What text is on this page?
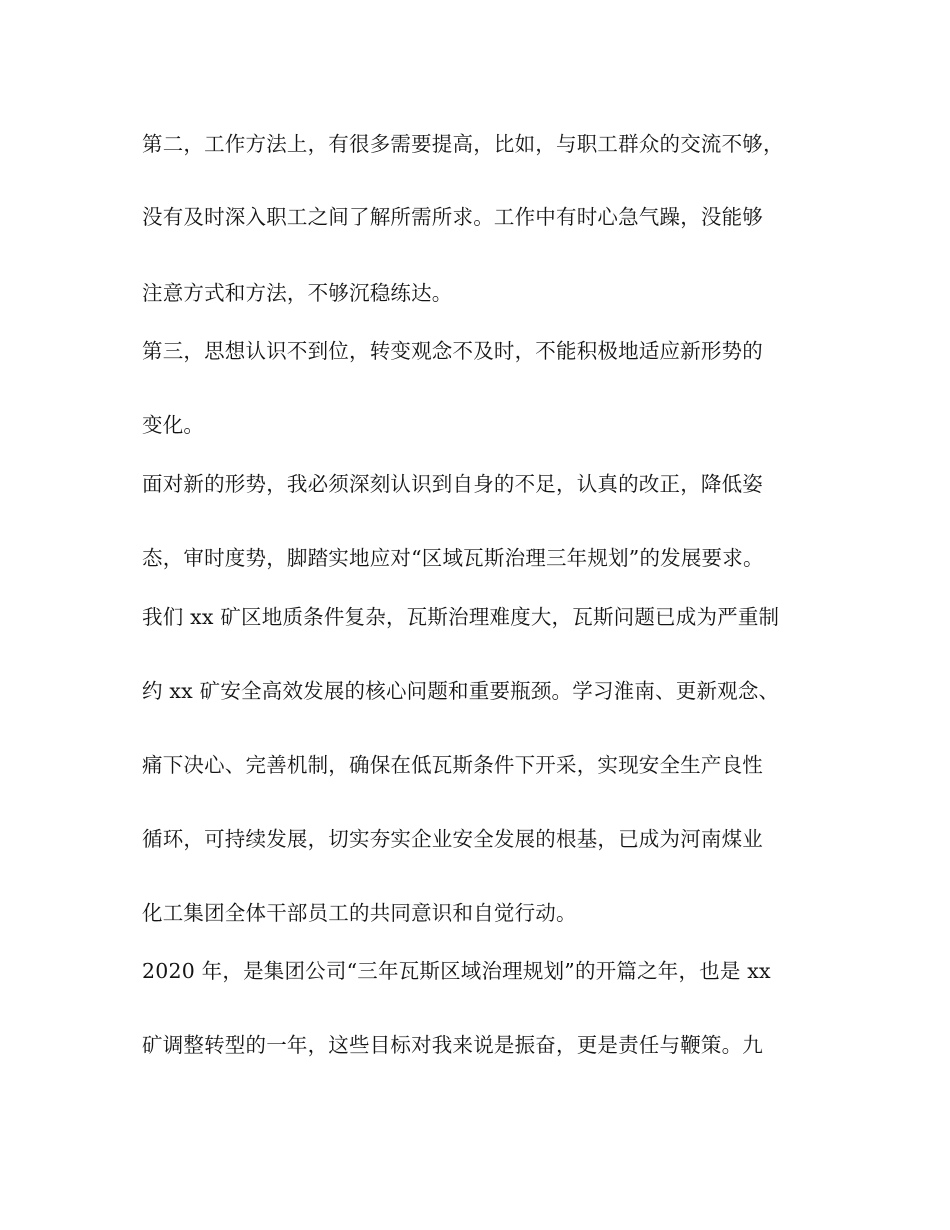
第二，工作方法上，有很多需要提高，比如，与职工群众的交流不够，
没有及时深入职工之间了解所需所求。工作中有时心急气躁，没能够
注意方式和方法，不够沉稳练达。
第三，思想认识不到位，转变观念不及时，不能积极地适应新形势的
变化。
面对新的形势，我必须深刻认识到自身的不足，认真的改正，降低姿
态，审时度势，脚踏实地应对“区域瓦斯治理三年规划”的发展要求。
我们 xx 矿区地质条件复杂，瓦斯治理难度大，瓦斯问题已成为严重制
约 xx 矿安全高效发展的核心问题和重要瓶颈。学习淮南、更新观念、
痛下决心、完善机制，确保在低瓦斯条件下开采，实现安全生产良性
循环，可持续发展，切实夯实企业安全发展的根基，已成为河南煤业
化工集团全体干部员工的共同意识和自觉行动。
2020 年，是集团公司“三年瓦斯区域治理规划”的开篇之年，也是 xx
矿调整转型的一年，这些目标对我来说是振奋，更是责任与鞭策。九
